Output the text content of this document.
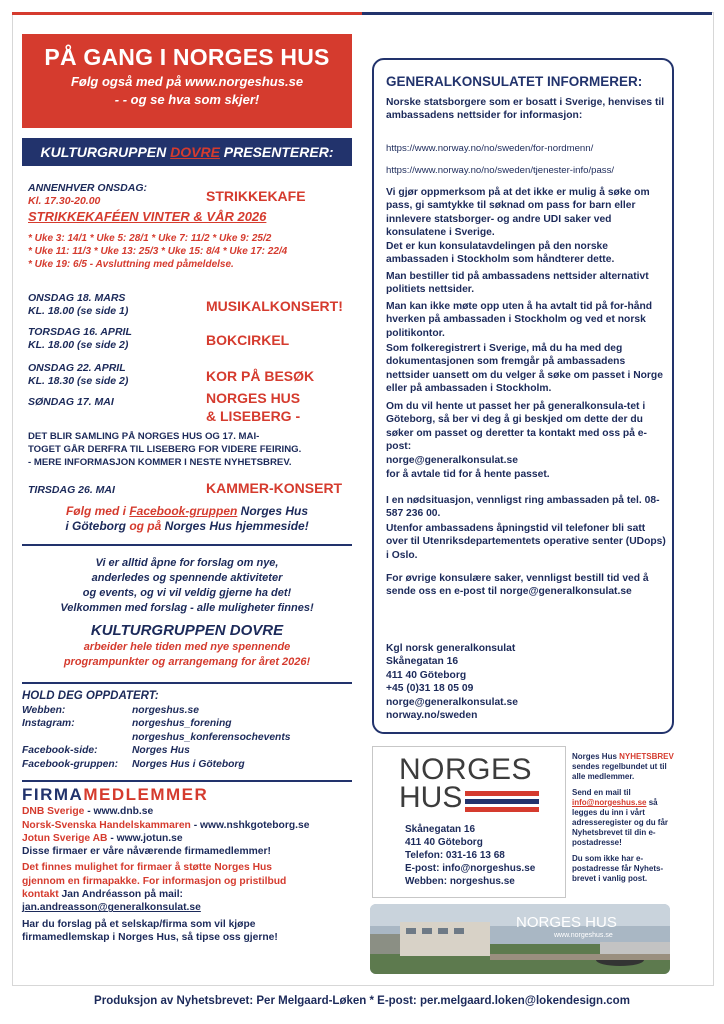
PÅ GANG I NORGES HUS

Følg også med på www.norgeshus.se

- - og se hva som skjer!

KULTURGRUPPEN DOVRE PRESENTERER:
ANNENHVER ONSDAG:
Kl. 17.30-20.00	STRIKKEKAFE
STRIKKEKAFÉEN VINTER & VÅR 2026
* Uke 3: 14/1 * Uke 5: 28/1 * Uke 7: 11/2 * Uke 9: 25/2
* Uke 11: 11/3 * Uke 13: 25/3 * Uke 15: 8/4 * Uke 17: 22/4
* Uke 19: 6/5 - Avsluttning med påmeldelse.
ONSDAG 18. MARS
KL. 18.00 (se side 1)	MUSIKALKONSERT!
TORSDAG 16. APRIL
KL. 18.00 (se side 2)	BOKCIRKEL
ONSDAG 22. APRIL
KL. 18.30 (se side 2)	KOR PÅ BESØK
SØNDAG 17. MAI	NORGES HUS
& LISEBERG -
DET BLIR SAMLING PÅ NORGES HUS OG 17. MAI-
TOGET GÅR DERFRA TIL LISEBERG FOR VIDERE FEIRING.
- MERE INFORMASJON KOMMER I NESTE NYHETSBREV.
TIRSDAG 26. MAI	KAMMER-KONSERT
Følg med i Facebook-gruppen Norges Hus
i Göteborg og på Norges Hus hjemmeside!
Vi er alltid åpne for forslag om nye,
anderledes og spennende aktiviteter
og events, og vi vil veldig gjerne ha det!
Velkommen med forslag - alle muligheter finnes!
KULTURGRUPPEN DOVRE
arbeider hele tiden med nye spennende
programpunkter og arrangemang for året 2026!
HOLD DEG OPPDATERT:
Webben:	norgeshus.se
Instagram:	norgeshus_forening
norgeshus_konferensochevents
Facebook-side:	Norges Hus
Facebook-gruppen:	Norges Hus i Göteborg
FIRMAMEDLEMMER
DNB Sverige - www.dnb.se
Norsk-Svenska Handelskammaren - www.nshkgoteborg.se
Jotun Sverige AB - www.jotun.se
Disse firmaer er våre nåværende firmamedlemmer!
Det finnes mulighet for firmaer å støtte Norges Hus
gjennom en firmapakke. For informasjon og pristilbud
kontakt Jan Andréasson på mail:
jan.andreasson@generalkonsulat.se
Har du forslag på et selskap/firma som vil kjøpe
firmamedlemskap i Norges Hus, så tipse oss gjerne!
GENERALKONSULATET INFORMERER:
Norske statsborgere som er bosatt i Sverige, henvises til ambassadens nettsider for informasjon:
https://www.norway.no/no/sweden/for-nordmenn/
https://www.norway.no/no/sweden/tjenester-info/pass/
Vi gjør oppmerksom på at det ikke er mulig å søke om pass, gi samtykke til søknad om pass for barn eller innlevere statsborger- og andre UDI saker ved konsulatene i Sverige.
Det er kun konsulatavdelingen på den norske ambassaden i Stockholm som håndterer dette.
Man bestiller tid på ambassadens nettsider alternativt politiets nettsider.
Man kan ikke møte opp uten å ha avtalt tid på for-hånd hverken på ambassaden i Stockholm og ved et norsk politikontor.
Som folkeregistrert i Sverige, må du ha med deg dokumentasjonen som fremgår på ambassadens nettsider uansett om du velger å søke om passet i Norge eller på ambassaden i Stockholm.
Om du vil hente ut passet her på generalkonsula-tet i Göteborg, så ber vi deg å gi beskjed om dette der du søker om passet og deretter ta kontakt med oss på e-post:
norge@generalkonsulat.se
for å avtale tid for å hente passet.
I en nødsituasjon, vennligst ring ambassaden på tel. 08-587 236 00.
Utenfor ambassadens åpningstid vil telefoner bli satt over til Utenriksdepartementets operative senter (UDops) i Oslo.
For øvrige konsulære saker, vennligst bestill tid ved å sende oss en e-post til norge@generalkonsulat.se
Kgl norsk generalkonsulat
Skånegatan 16
411 40 Göteborg
+45 (0)31 18 05 09
norge@generalkonsulat.se
norway.no/sweden
NORGES
HUS
Skånegatan 16
411 40 Göteborg
Telefon: 031-16 13 68
E-post: info@norgeshus.se
Webben: norgeshus.se
Norges Hus NYHETSBREV sendes regelbundet ut til alle medlemmer.
Send en mail til
info@norgeshus.se så legges du inn i vårt adresseregister og du får Nyhetsbrevet til din e-postadresse!
Du som ikke har e-postadresse får Nyhets-brevet i vanlig post.
NORGES HUS
www.norgeshus.se
Produksjon av Nyhetsbrevet: Per Melgaard-Løken * E-post: per.melgaard.loken@lokendesign.com
